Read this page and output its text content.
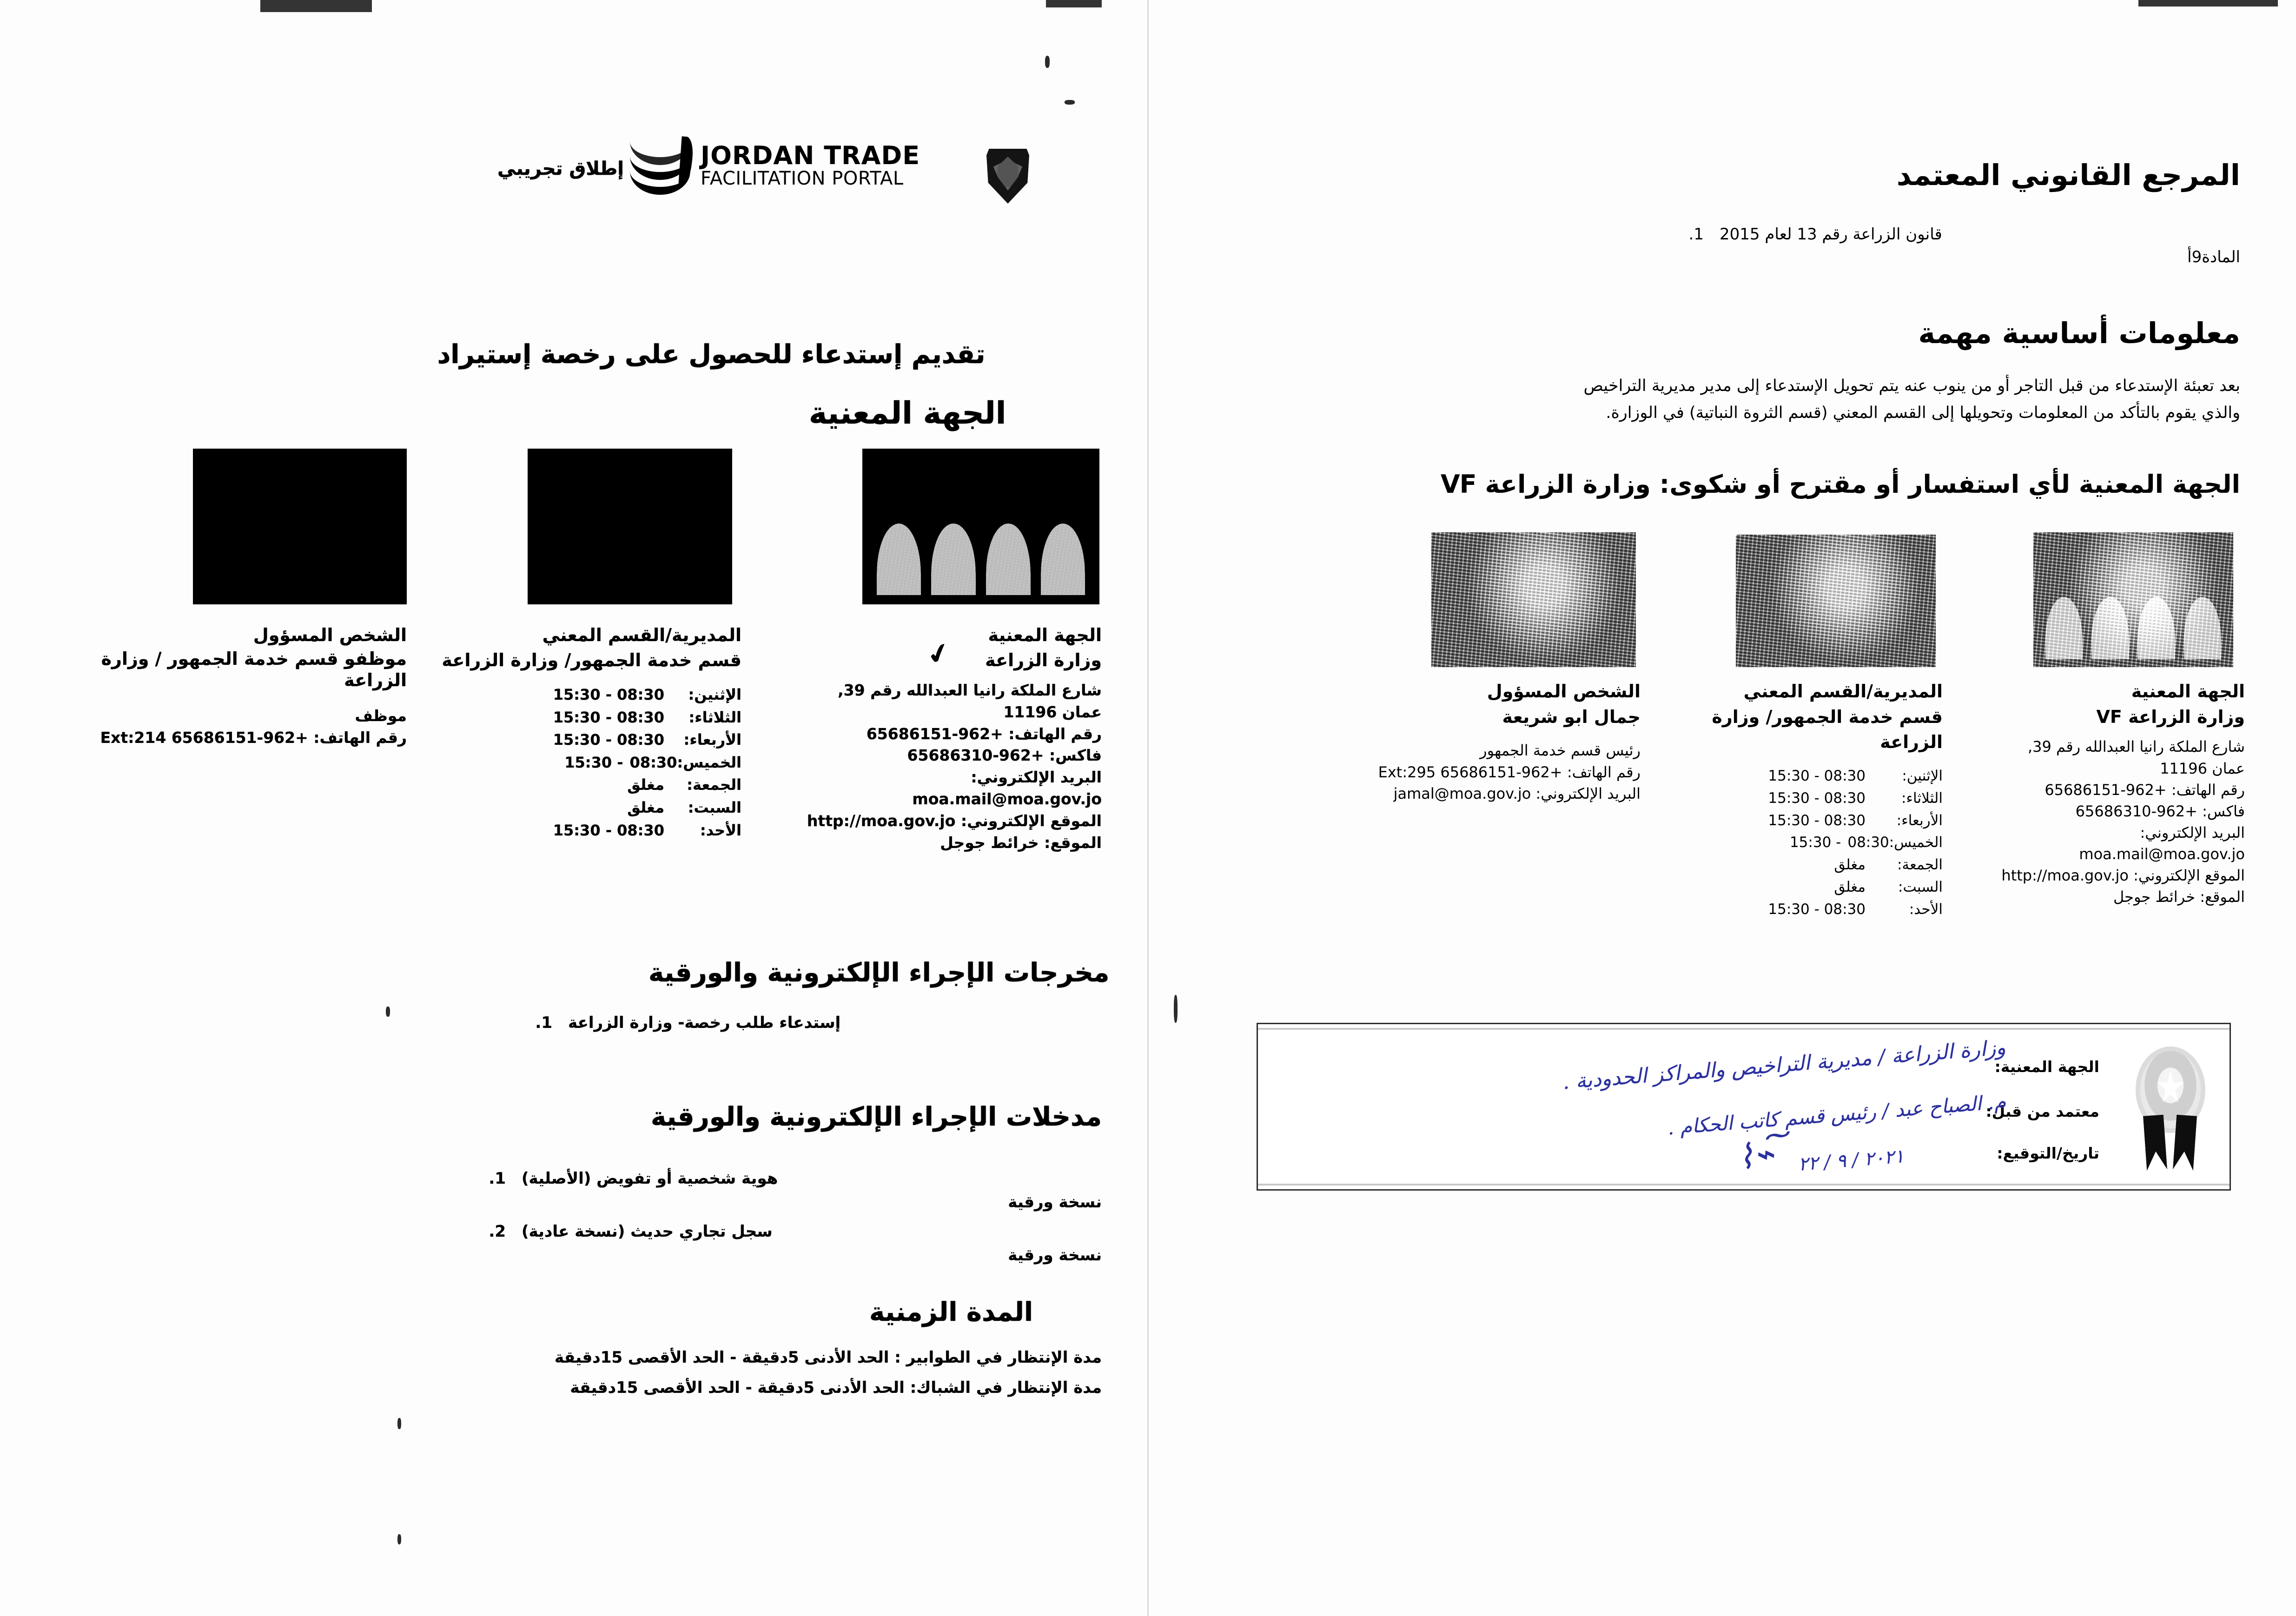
JORDAN TRADE
FACILITATION PORTAL
إطلاق تجريبي
تقديم إستدعاء للحصول على رخصة إستيراد
الجهة المعنية
الجهة المعنية
وزارة الزراعة
شارع الملكة رانيا العبدالله رقم 39,
عمان 11196
رقم الهاتف: +962-65686151
فاكس: +962-65686310
البريد الإلكتروني:
moa.mail@moa.gov.jo
الموقع الإلكتروني: http://moa.gov.jo
الموقع: خرائط جوجل
✔
المديرية/القسم المعني
قسم خدمة الجمهور/ وزارة الزراعة
الإثنين:
08:30 - 15:30
الثلاثاء:
08:30 - 15:30
الأربعاء:
08:30 - 15:30
الخميس:08:30
- 15:30
الجمعة:
مغلق
السبت:
مغلق
الأحد:
08:30 - 15:30
الشخص المسؤول
موظفو قسم خدمة الجمهور / وزارة الزراعة
موظف
رقم الهاتف: +962-65686151 Ext:214
مخرجات الإجراء الإلكترونية والورقية
إستدعاء طلب رخصة- وزارة الزراعة
1.
مدخلات الإجراء الإلكترونية والورقية
هوية شخصية أو تفويض (الأصلية)
1.
نسخة ورقية
سجل تجاري حديث (نسخة عادية)
2.
نسخة ورقية
المدة الزمنية
مدة الإنتظار في الطوابير : الحد الأدنى 5دقيقة - الحد الأقصى 15دقيقة
مدة الإنتظار في الشباك: الحد الأدنى 5دقيقة - الحد الأقصى 15دقيقة
المرجع القانوني المعتمد
قانون الزراعة رقم 13 لعام 2015
1.
المادة9أ
معلومات أساسية مهمة
بعد تعبئة الإستدعاء من قبل التاجر أو من ينوب عنه يتم تحويل الإستدعاء إلى مدير مديرية التراخيص
والذي يقوم بالتأكد من المعلومات وتحويلها إلى القسم المعني (قسم الثروة النباتية) في الوزارة.
الجهة المعنية لأي استفسار أو مقترح أو شكوى: وزارة الزراعة VF
الجهة المعنية
وزارة الزراعة VF
شارع الملكة رانيا العبدالله رقم 39,
عمان 11196
رقم الهاتف: +962-65686151
فاكس: +962-65686310
البريد الإلكتروني:
moa.mail@moa.gov.jo
الموقع الإلكتروني: http://moa.gov.jo
الموقع: خرائط جوجل
المديرية/القسم المعني
قسم خدمة الجمهور/ وزارة الزراعة
الإثنين:
08:30 - 15:30
الثلاثاء:
08:30 - 15:30
الأربعاء:
08:30 - 15:30
الخميس:08:30
- 15:30
الجمعة:
مغلق
السبت:
مغلق
الأحد:
08:30 - 15:30
الشخص المسؤول
جمال ابو شريعة
رئيس قسم خدمة الجمهور
رقم الهاتف: +962-65686151 Ext:295
البريد الإلكتروني: jamal@moa.gov.jo
الجهة المعنية:
معتمد من قبل:
تاريخ/التوقيع:
وزارة الزراعة / مديرية التراخيص والمراكز الحدودية .
م. الصباح عبد / رئيس قسم كاتب الحكام .
٢٠٢١ / ٩ / ٢٢
⌁͠⌇
